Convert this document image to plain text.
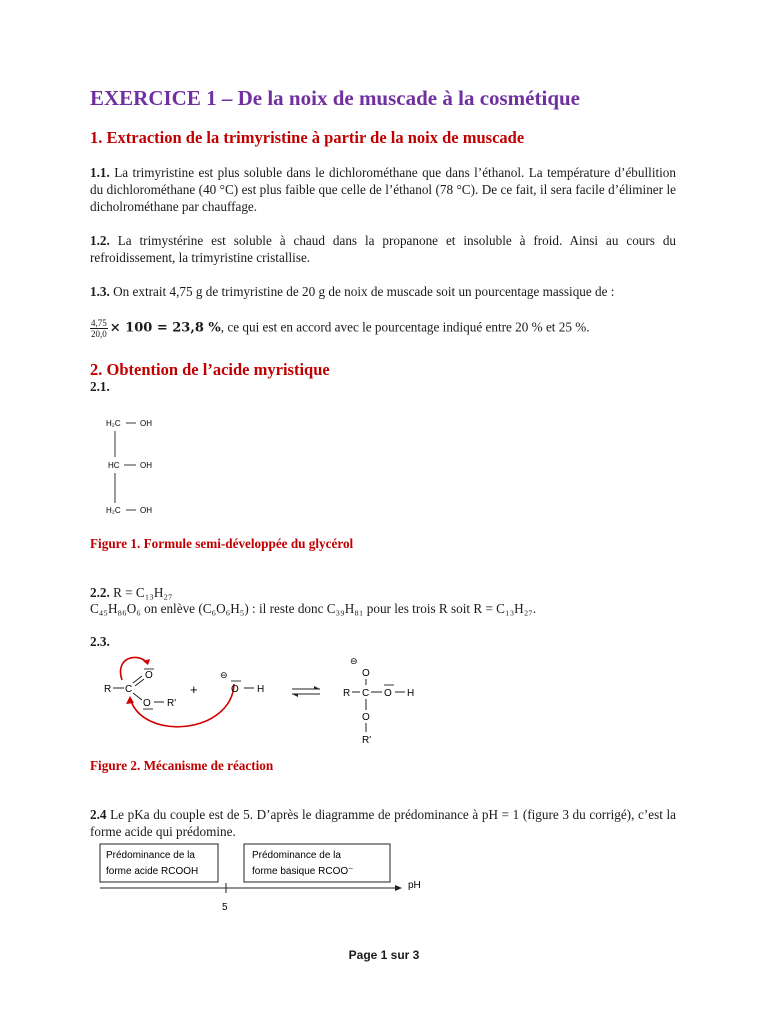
EXERCICE 1 – De la noix de muscade à la cosmétique
1. Extraction de la trimyristine à partir de la noix de muscade
1.1. La trimyristine est plus soluble dans le dichlorométhane que dans l’éthanol. La température d’ébullition du dichlorométhane (40 °C) est plus faible que celle de l’éthanol (78 °C). De ce fait, il sera facile d’éliminer le dicholrométhane par chauffage.
1.2. La trimystérine est soluble à chaud dans la propanone et insoluble à froid. Ainsi au cours du refroidissement, la trimyristine cristallise.
1.3. On extrait 4,75 g de trimyristine de 20 g de noix de muscade soit un pourcentage massique de :
$\frac{4,75}{20,0} \times 100 = 23,8$ %, ce qui est en accord avec le pourcentage indiqué entre 20 % et 25 %.
2. Obtention de l’acide myristique
2.1.
H₂C OH
HC	OH
H₂C OH
Figure 1. Formule semi-développée du glycérol
2.2. R = C₁₃H₂₇
C₄₅H₈₆O₆ on enlève (C₆O₆H₅) : il reste donc C₃₉H₈₁ pour les trois R soit R = C₁₃H₂₇.
2.3.
R C
O
O R'
+
⊖
O H
⊖
O
R C O H
O
R'
Figure 2. Mécanisme de réaction
2.4 Le pKa du couple est de 5. D’après le diagramme de prédominance à pH = 1 (figure 3 du corrigé), c’est la forme acide qui prédomine.
Prédominance de la
forme acide RCOOH
Prédominance de la
forme basique RCOO⁻
pH
5
Page 1 sur 3
